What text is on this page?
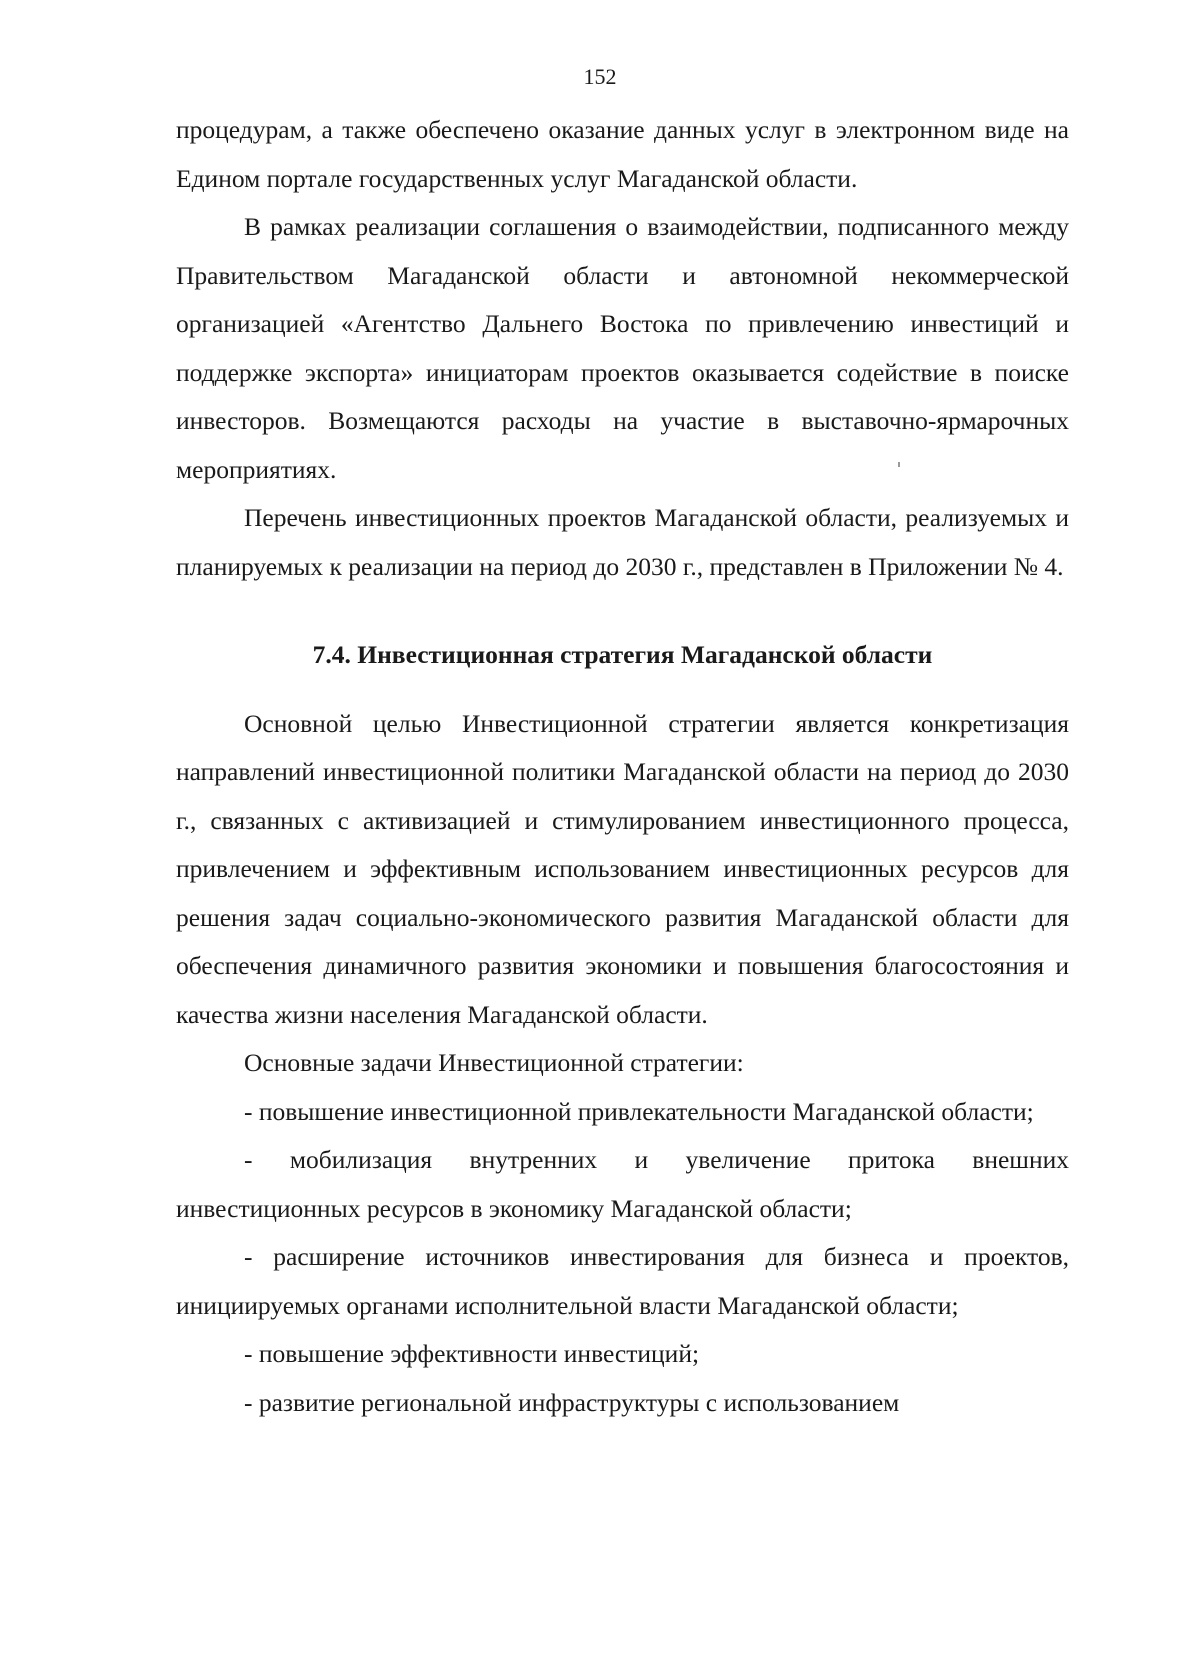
152

процедурам, а также обеспечено оказание данных услуг в электронном виде на Едином портале государственных услуг Магаданской области.

В рамках реализации соглашения о взаимодействии, подписанного между Правительством Магаданской области и автономной некоммерческой организацией «Агентство Дальнего Востока по привлечению инвестиций и поддержке экспорта» инициаторам проектов оказывается содействие в поиске инвесторов. Возмещаются расходы на участие в выставочно-ярмарочных мероприятиях.

Перечень инвестиционных проектов Магаданской области, реализуемых и планируемых к реализации на период до 2030 г., представлен в Приложении № 4.

7.4. Инвестиционная стратегия Магаданской области

Основной целью Инвестиционной стратегии является конкретизация направлений инвестиционной политики Магаданской области на период до 2030 г., связанных с активизацией и стимулированием инвестиционного процесса, привлечением и эффективным использованием инвестиционных ресурсов для решения задач социально-экономического развития Магаданской области для обеспечения динамичного развития экономики и повышения благосостояния и качества жизни населения Магаданской области.

Основные задачи Инвестиционной стратегии:

- повышение инвестиционной привлекательности Магаданской области;

- мобилизация внутренних и увеличение притока внешних инвестиционных ресурсов в экономику Магаданской области;

- расширение источников инвестирования для бизнеса и проектов, инициируемых органами исполнительной власти Магаданской области;

- повышение эффективности инвестиций;

- развитие региональной инфраструктуры с использованием
